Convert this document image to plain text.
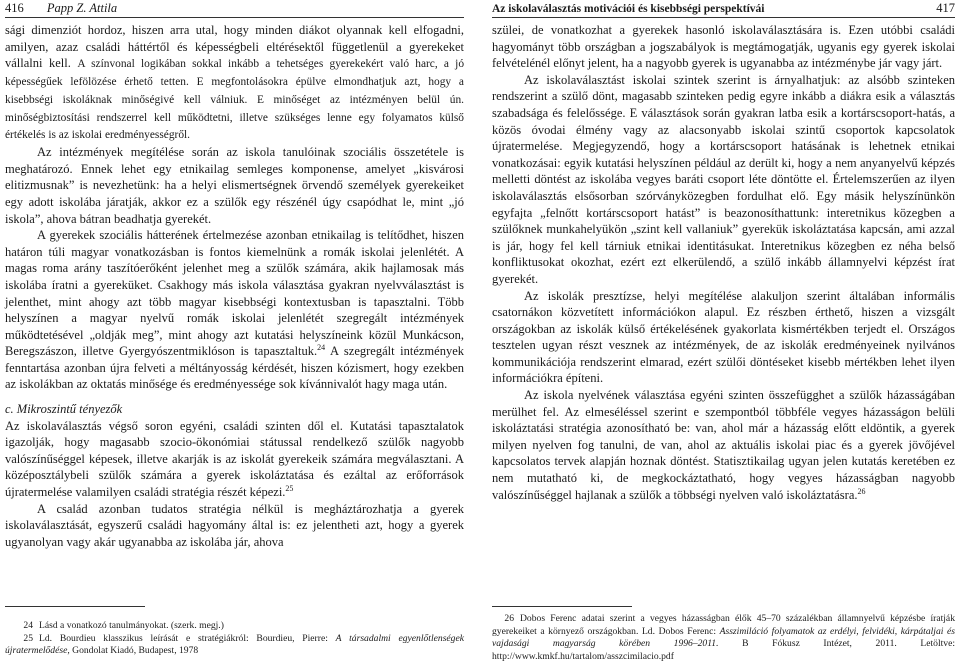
416 Papp Z. Attila	Az iskolaválasztás motivációi és kisebbségi perspektívái	417

sági dimenziót hordoz, hiszen arra utal, hogy minden diákot olyannak kell elfogadni, amilyen, azaz családi háttértől és képességbeli eltérésektől függetlenül a gyerekeket vállalni kell. A színvonal logikában sokkal inkább a tehetséges gyerekekért való harc, a jó képességűek lefölözése érhető tetten. E megfontolásokra épülve elmondhatjuk azt, hogy a kisebbségi iskoláknak minőségivé kell válniuk. E minőséget az intézményen belül ún. minőségbiztosítási rendszerrel kell működtetni, illetve szükséges lenne egy folyamatos külső értékelés is az iskolai eredményességről.

Az intézmények megítélése során az iskola tanulóinak szociális összetétele is meghatározó. Ennek lehet egy etnikailag semleges komponense, amelyet „kisvárosi elitizmusnak” is nevezhetünk: ha a helyi elismertségnek örvendő személyek gyerekeiket egy adott iskolába járatják, akkor ez a szülők egy részénél úgy csapódhat le, mint „jó iskola”, ahova bátran beadhatja gyerekét.

A gyerekek szociális hátterének értelmezése azonban etnikailag is telítődhet, hiszen határon túli magyar vonatkozásban is fontos kiemelnünk a romák iskolai jelenlétét. A magas roma arány taszítóerőként jelenhet meg a szülők számára, akik hajlamosak más iskolába íratni a gyereküket. Csakhogy más iskola választása gyakran nyelvválasztást is jelenthet, mint ahogy azt több magyar kisebbségi kontextusban is tapasztalni. Több helyszínen a magyar nyelvű romák iskolai jelenlétét szegregált intézmények működtetésével „oldják meg”, mint ahogy azt kutatási helyszíneink közül Munkácson, Beregszászon, illetve Gyergyószentmiklóson is tapasztaltuk.$^{24}$ A szegregált intézmények fenntartása azonban újra felveti a méltányosság kérdését, hiszen kózismert, hogy ezekben az iskolákban az oktatás minősége és eredményessége sok kívánnivalót hagy maga után.

c. Mikroszintű tényezők

Az iskolaválasztás végső soron egyéni, családi szinten dől el. Kutatási tapasztalatok igazolják, hogy magasabb szocio-ökonómiai státussal rendelkező szülők nagyobb valószínűséggel képesek, illetve akarják is az iskolát gyerekeik számára megválasztani. A középosztálybeli szülők számára a gyerek iskoláztatása és ezáltal az erőforrások újratermelése valamilyen családi stratégia részét képezi.$^{25}$

A család azonban tudatos stratégia nélkül is megháztározhatja a gyerek iskolaválasztását, egyszerű családi hagyomány által is: ez jelentheti azt, hogy a gyerek ugyanolyan vagy akár ugyanabba az iskolába jár, ahova

szülei, de vonatkozhat a gyerekek hasonló iskolaválasztására is. Ezen utóbbi családi hagyományt több országban a jogszabályok is megtámogatják, ugyanis egy gyerek iskolai felvételénél előnyt jelent, ha a nagyobb gyerek is ugyanabba az intézménybe jár vagy járt.

Az iskolaválasztást iskolai szintek szerint is árnyalhatjuk: az alsóbb szinteken rendszerint a szülő dönt, magasabb szinteken pedig egyre inkább a diákra esik a választás szabadsága és felelőssége. E választások során gyakran latba esik a kortárscsoport-hatás, a közös óvodai élmény vagy az alacsonyabb iskolai szintű csoportok kapcsolatok újratermelése. Megjegyzendő, hogy a kortárscsoport hatásának is lehetnek etnikai vonatkozásai: egyik kutatási helyszínen például az derült ki, hogy a nem anyanyelvű képzés melletti döntést az iskolába vegyes baráti csoport léte döntötte el. Értelemszerűen az ilyen iskolaválasztás elsősorban szórványközegben fordulhat elő. Egy másik helyszínünkön egyfajta „felnőtt kortárscsoport hatást” is beazonosíthattunk: interetnikus közegben a szülőknek munkahelyükön „szint kell vallaniuk” gyerekük iskoláztatása kapcsán, ami azzal is jár, hogy fel kell tárniuk etnikai identitásukat. Interetnikus közegben ez néha belső konfliktusokat okozhat, ezért ezt elkerülendő, a szülő inkább államnyelvi képzést írat gyerekét.

Az iskolák presztízse, helyi megítélése alakuljon szerint általában informális csatornákon közvetített információkon alapul. Ez részben érthető, hiszen a vizsgált országokban az iskolák külső értékelésének gyakorlata kismértékben terjedt el. Országos tesztelen ugyan részt vesznek az intézmények, de az iskolák eredményeinek nyilvános kommunikációja rendszerint elmarad, ezért szülői döntéseket kisebb mértékben lehet ilyen információkra építeni.

Az iskola nyelvének választása egyéni szinten összefügghet a szülők házasságában merülhet fel. Az elmeséléssel szerint e szempontból többféle vegyes házasságon belüli iskoláztatási stratégia azonosítható be: van, ahol már a házasság előtt eldöntik, a gyerek milyen nyelven fog tanulni, de van, ahol az aktuális iskolai piac és a gyerek jövőjével kapcsolatos tervek alapján hoznak döntést. Statisztikailag ugyan jelen kutatás keretében ez nem mutatható ki, de megkockáztatható, hogy vegyes házasságban nagyobb valószínűséggel hajlanak a szülők a többségi nyelven való iskoláztatásra.$^{26}$

24 Lásd a vonatkozó tanulmányokat. (szerk. megj.)

25 Ld. Bourdieu klasszikus leírását e stratégiákról: Bourdieu, Pierre: A társadalmi egyenlőtlenségek újratermelődése, Gondolat Kiadó, Budapest, 1978

26 Dobos Ferenc adatai szerint a vegyes házasságban élők 45–70 százalékban államnyelvű képzésbe íratják gyerekeiket a környező országokban. Ld. Dobos Ferenc: Asszimiláció folyamatok az erdélyi, felvidéki, kárpátaljai és vajdasági magyarság körében 1996–2011. B Fókusz Intézet, 2011. Letöltve: http://www.kmkf.hu/tartalom/asszcimilacio.pdf
